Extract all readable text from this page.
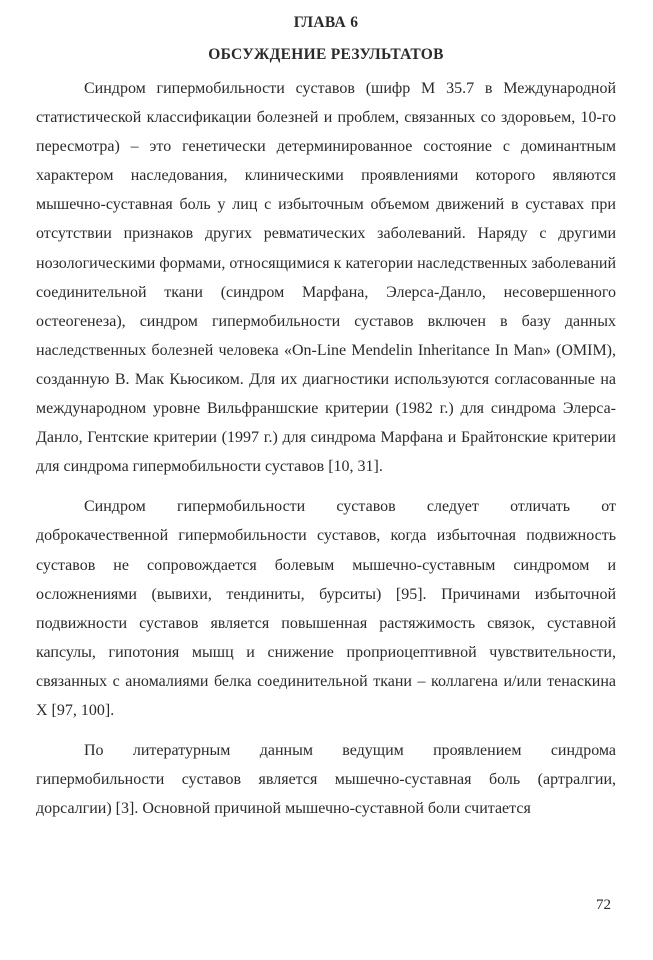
ГЛАВА 6
ОБСУЖДЕНИЕ РЕЗУЛЬТАТОВ

Синдром гипермобильности суставов (шифр М 35.7 в Международной статистической классификации болезней и проблем, связанных со здоровьем, 10-го пересмотра) – это генетически детерминированное состояние с доминантным характером наследования, клиническими проявлениями которого являются мышечно-суставная боль у лиц с избыточным объемом движений в суставах при отсутствии признаков других ревматических заболеваний. Наряду с другими нозологическими формами, относящимися к категории наследственных заболеваний соединительной ткани (синдром Марфана, Элерса-Данло, несовершенного остеогенеза), синдром гипермобильности суставов включен в базу данных наследственных болезней человека «On-Line Mendelin Inheritance In Man» (OMIM), созданную В. Мак Кьюсиком. Для их диагностики используются согласованные на международном уровне Вильфраншские критерии (1982 г.) для синдрома Элерса-Данло, Гентские критерии (1997 г.) для синдрома Марфана и Брайтонские критерии для синдрома гипермобильности суставов [10, 31].

Синдром гипермобильности суставов следует отличать от доброкачественной гипермобильности суставов, когда избыточная подвижность суставов не сопровождается болевым мышечно-суставным синдромом и осложнениями (вывихи, тендиниты, бурситы) [95]. Причинами избыточной подвижности суставов является повышенная растяжимость связок, суставной капсулы, гипотония мышц и снижение проприоцептивной чувствительности, связанных с аномалиями белка соединительной ткани – коллагена и/или тенаскина Х [97, 100].

По литературным данным ведущим проявлением синдрома гипермобильности суставов является мышечно-суставная боль (артралгии, дорсалгии) [3]. Основной причиной мышечно-суставной боли считается

72
